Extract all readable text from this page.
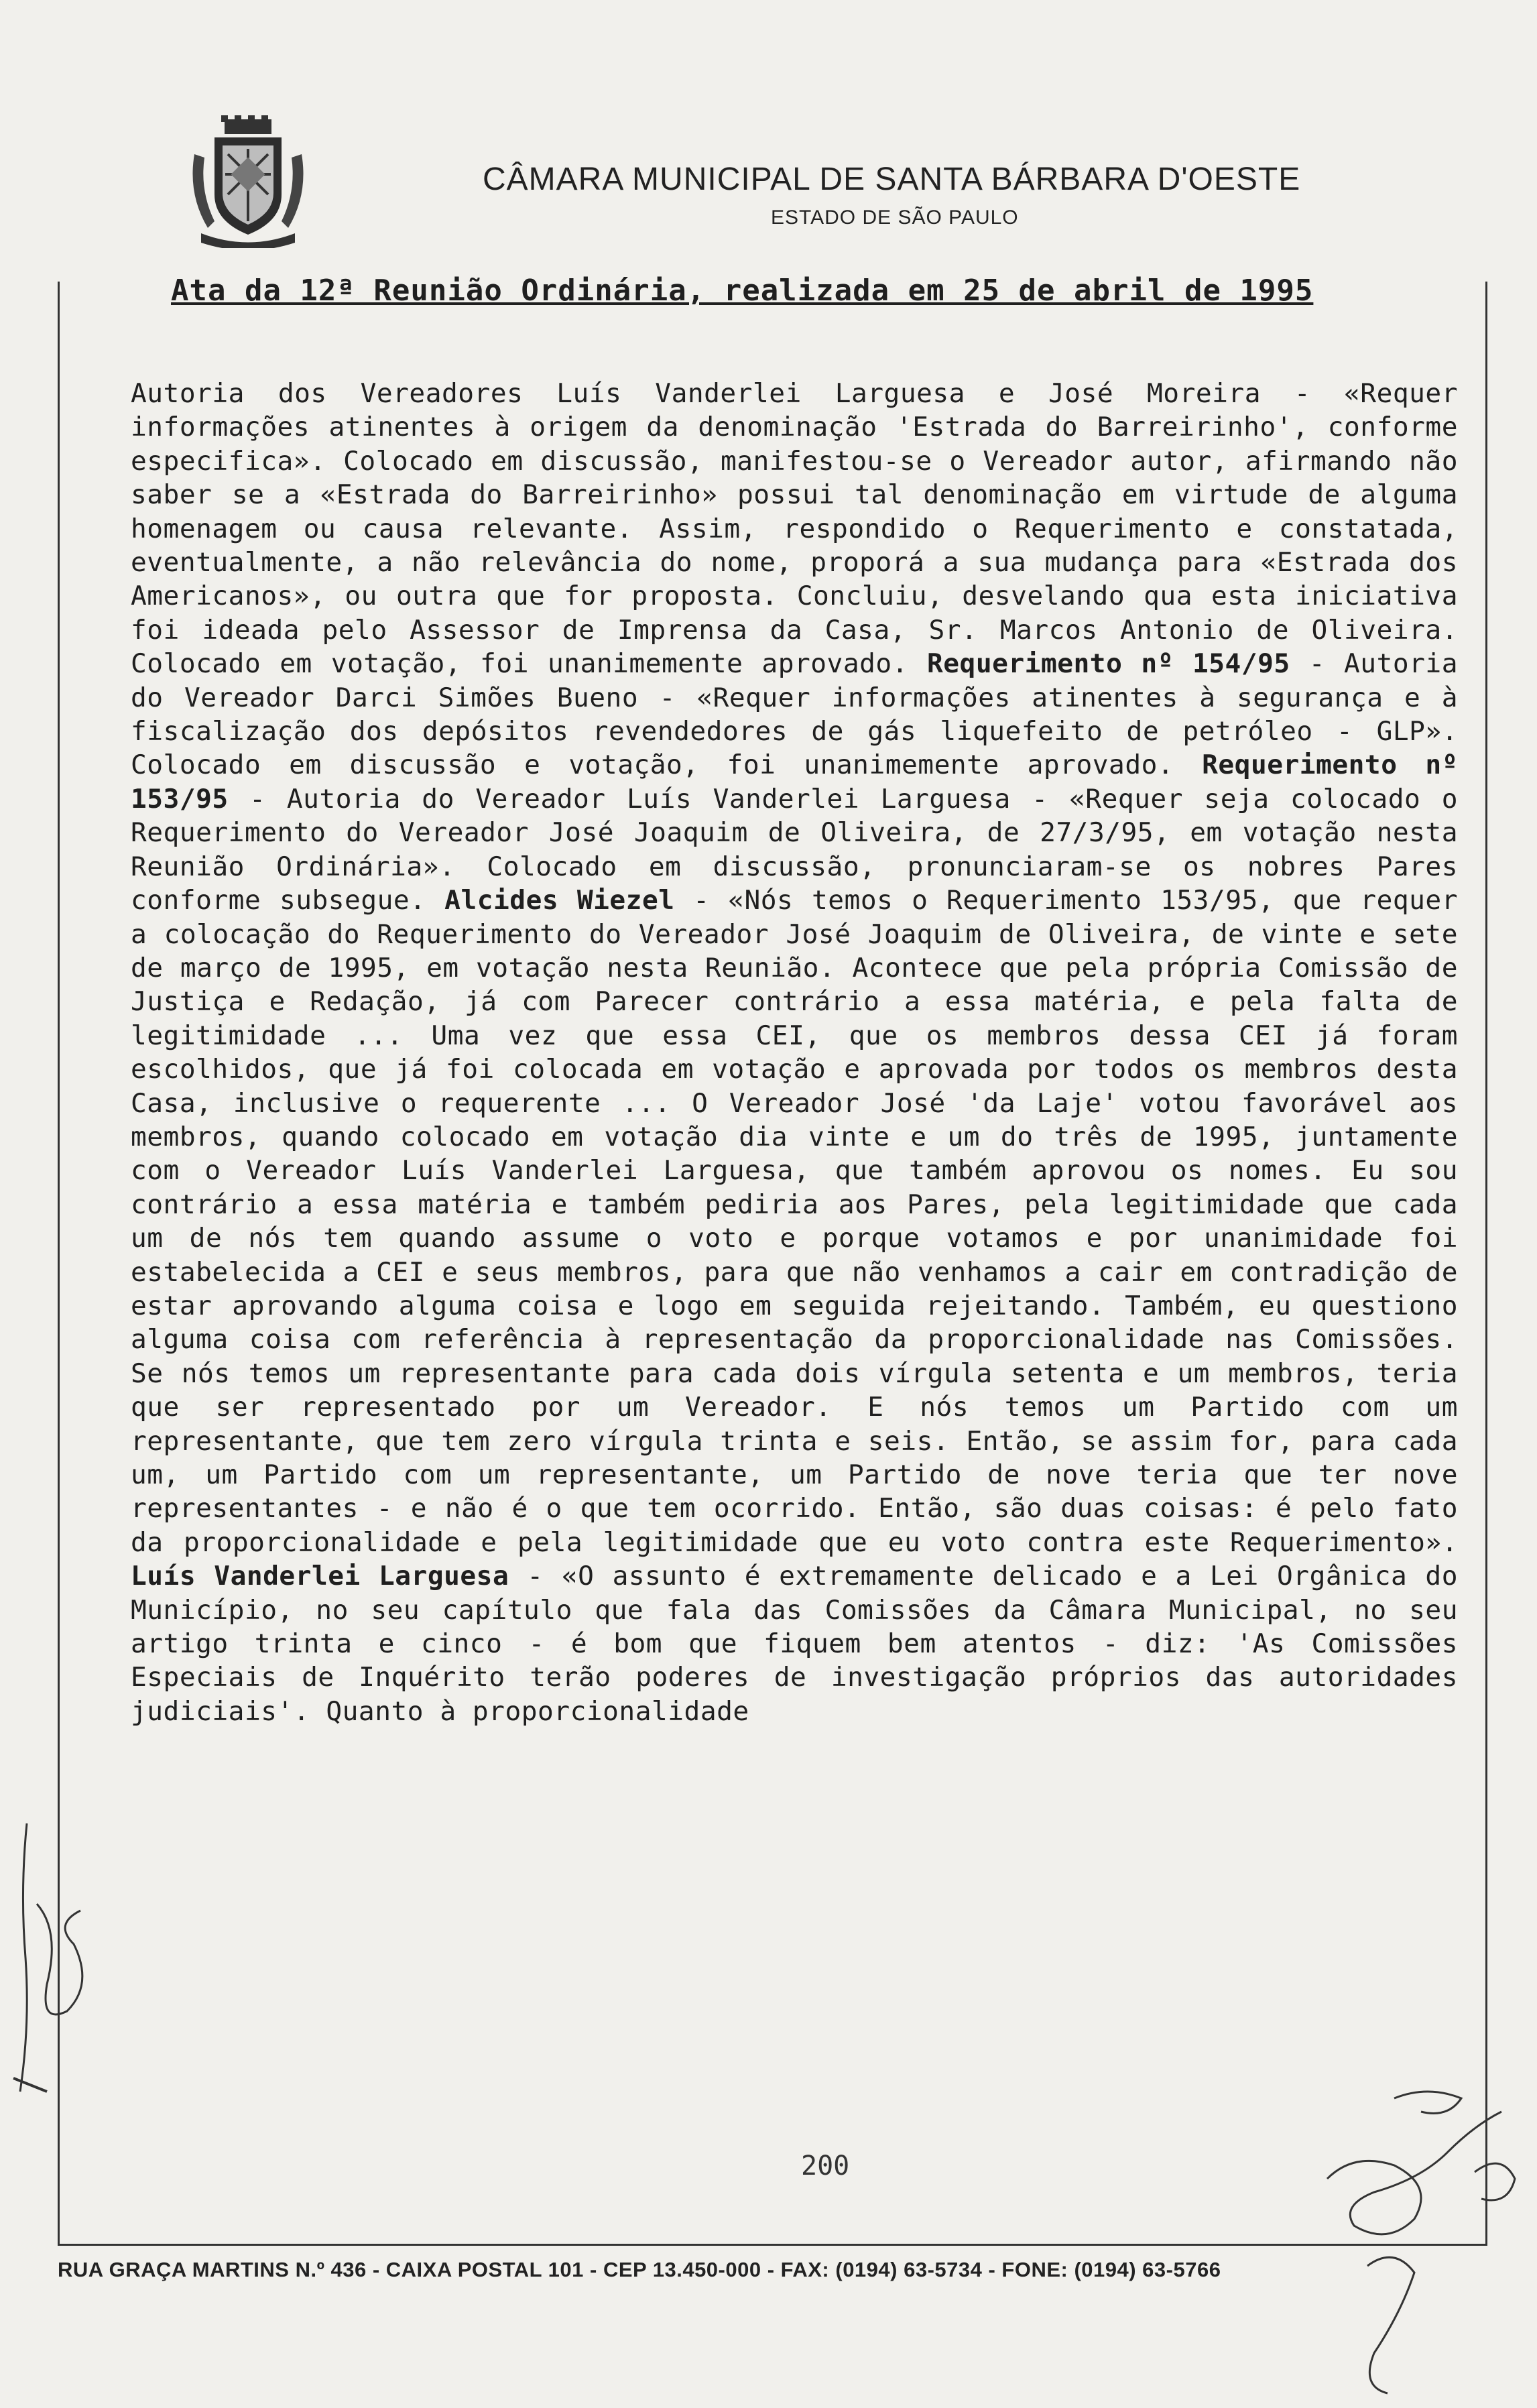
CÂMARA MUNICIPAL DE SANTA BÁRBARA D'OESTE
ESTADO DE SÃO PAULO
Ata da 12ª Reunião Ordinária, realizada em 25 de abril de 1995

Autoria dos Vereadores Luís Vanderlei Larguesa e José Moreira - «Requer informações atinentes à origem da denominação 'Estrada do Barreirinho', conforme especifica». Colocado em discussão, manifestou-se o Vereador autor, afirmando não saber se a «Estrada do Barreirinho» possui tal denominação em virtude de alguma homenagem ou causa relevante. Assim, respondido o Requerimento e constatada, eventualmente, a não relevância do nome, proporá a sua mudança para «Estrada dos Americanos», ou outra que for proposta. Concluiu, desvelando qua esta iniciativa foi ideada pelo Assessor de Imprensa da Casa, Sr. Marcos Antonio de Oliveira. Colocado em votação, foi unanimemente aprovado. Requerimento nº 154/95 - Autoria do Vereador Darci Simões Bueno - «Requer informações atinentes à segurança e à fiscalização dos depósitos revendedores de gás liquefeito de petróleo - GLP». Colocado em discussão e votação, foi unanimemente aprovado. Requerimento nº 153/95 - Autoria do Vereador Luís Vanderlei Larguesa - «Requer seja colocado o Requerimento do Vereador José Joaquim de Oliveira, de 27/3/95, em votação nesta Reunião Ordinária». Colocado em discussão, pronunciaram-se os nobres Pares conforme subsegue. Alcides Wiezel - «Nós temos o Requerimento 153/95, que requer a colocação do Requerimento do Vereador José Joaquim de Oliveira, de vinte e sete de março de 1995, em votação nesta Reunião. Acontece que pela própria Comissão de Justiça e Redação, já com Parecer contrário a essa matéria, e pela falta de legitimidade ... Uma vez que essa CEI, que os membros dessa CEI já foram escolhidos, que já foi colocada em votação e aprovada por todos os membros desta Casa, inclusive o requerente ... O Vereador José 'da Laje' votou favorável aos membros, quando colocado em votação dia vinte e um do três de 1995, juntamente com o Vereador Luís Vanderlei Larguesa, que também aprovou os nomes. Eu sou contrário a essa matéria e também pediria aos Pares, pela legitimidade que cada um de nós tem quando assume o voto e porque votamos e por unanimidade foi estabelecida a CEI e seus membros, para que não venhamos a cair em contradição de estar aprovando alguma coisa e logo em seguida rejeitando. Também, eu questiono alguma coisa com referência à representação da proporcionalidade nas Comissões. Se nós temos um representante para cada dois vírgula setenta e um membros, teria que ser representado por um Vereador. E nós temos um Partido com um representante, que tem zero vírgula trinta e seis. Então, se assim for, para cada um, um Partido com um representante, um Partido de nove teria que ter nove representantes - e não é o que tem ocorrido. Então, são duas coisas: é pelo fato da proporcionalidade e pela legitimidade que eu voto contra este Requerimento». Luís Vanderlei Larguesa - «O assunto é extremamente delicado e a Lei Orgânica do Município, no seu capítulo que fala das Comissões da Câmara Municipal, no seu artigo trinta e cinco - é bom que fiquem bem atentos - diz: 'As Comissões Especiais de Inquérito terão poderes de investigação próprios das autoridades judiciais'. Quanto à proporcionalidade

200
RUA GRAÇA MARTINS N.º 436 - CAIXA POSTAL 101 - CEP 13.450-000 - FAX: (0194) 63-5734 - FONE: (0194) 63-5766
